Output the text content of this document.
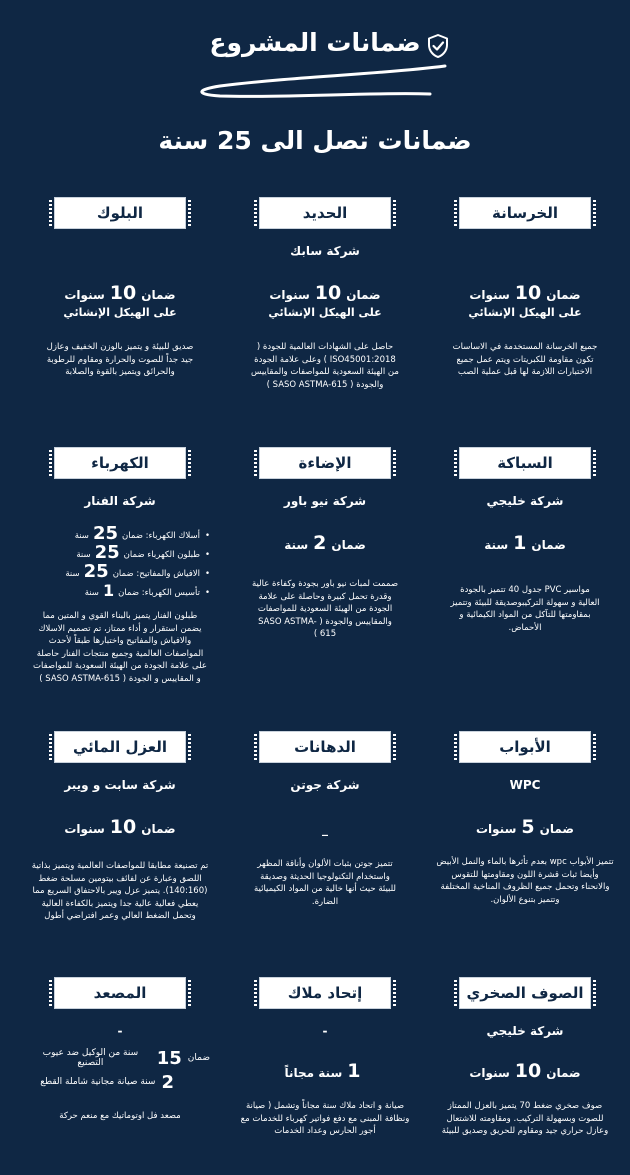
ضمانات المشروع
ضمانات تصل الى 25 سنة
الخرسانة
ضمان10سنوات
على الهيكل الإنشائي
جميع الخرسانة المستخدمة في الاساسات تكون مقاومة للكبريتات ويتم عمل جميع الاختبارات اللازمة لها قبل عملية الصب
الحديد
شركة سابك
ضمان10سنوات
على الهيكل الإنشائي
حاصل على الشهادات العالمية للجودة ( ISO45001:2018 ) وعلى علامة الجودة من الهيئة السعودية للمواصفات والمقاييس والجودة ( SASO ASTMA-615 )
البلوك
ضمان10سنوات
على الهيكل الإنشائي
صديق للبيئة و يتميز بالوزن الخفيف وعازل جيد جداً للصوت والحرارة ومقاوم للرطوبة والحرائق ويتميز بالقوة والصلابة
السباكة
شركة خليجي
ضمان1سنة
مواسير PVC جدول 40 تتميز بالجودة العالية و سهولة التركيبوصديقة للبيئة وتتميز بمقاومتها للتآكل من المواد الكيمائية و الأحماض.
الإضاءة
شركة نيو باور
ضمان2سنة
صممت لمبات نيو باور بجودة وكفاءة عالية وقدرة تحمل كبيرة وحاصلة على علامة الجودة من الهيئة السعودية للمواصفات والمقاييس والجودة ( SASO ASTMA-615 )
الكهرباء
شركة الفنار
•أسلاك الكهرباء: ضمان25سنة
•طبلون الكهرباء ضمان25سنة
•الافياش والمفاتيح: ضمان25سنة
•تأسيس الكهرباء: ضمان1سنة
طبلون الفنار يتميز بالبناء القوي و المتين مما يضمن استقرار و أداء ممتاز، تم تصميم الاسلاك والافياش والمفاتيح واختبارها طبقاً لأحدث المواصفات العالمية وجميع منتجات الفنار حاصلة على علامة الجودة من الهيئة السعودية للمواصفات و المقاييس و الجودة ( SASO ASTMA-615 )
الأبواب
WPC
ضمان5سنوات
تتميز الأبواب wpc بعدم تأثرها بالماء والنمل الأبيض وأيضا ثبات قشرة اللون ومقاومتها للتقوس والانحناء وتحمل جميع الظروف المناخية المختلفة وتتميز بتنوع الألوان.
الدهانات
شركة جوتن
_
تتميز جوتن بثبات الألوان وأناقة المظهر واستخدام التكنولوجيا الحديثة وصديقة للبيئة حيث أنها خالية من المواد الكيميائية الضارة.
العزل المائي
شركة سابت و ويبر
ضمان10سنوات
تم تصنيعة مطابقا للمواصفات العالمية ويتميز بذاتية اللصق وعبارة عن لفائف بيتومين مسلحة ضغط (140:160). يتميز عزل ويبر بالاحتفاق السريع مما يعطي فعالية عالية جدا ويتميز بالكفاءة العالية وتحمل الضغط العالي وعمر افتراضي أطول
الصوف الصخري
شركة خليجي
ضمان10سنوات
صوف صخري ضغط 70 يتميز بالعزل الممتاز للصوت وبسهولة التركيب. ومقاومته للاشتعال وعازل حراري جيد ومقاوم للحريق وصديق للبيئة
إتحاد ملاك
-
1سنة مجاناً
صيانة و اتحاد ملاك سنة مجاناً وتشمل ( صيانة ونظافة المبنى مع دفع فواتير كهرباء للخدمات مع أجور الحارس وعداد الخدمات
المصعد
-
ضمان
15
سنة من الوكيل ضد عيوب التصنيع
2
سنة صيانة مجانية شاملة القطع
مصعد فل اوتوماتيك مع منعم حركة
